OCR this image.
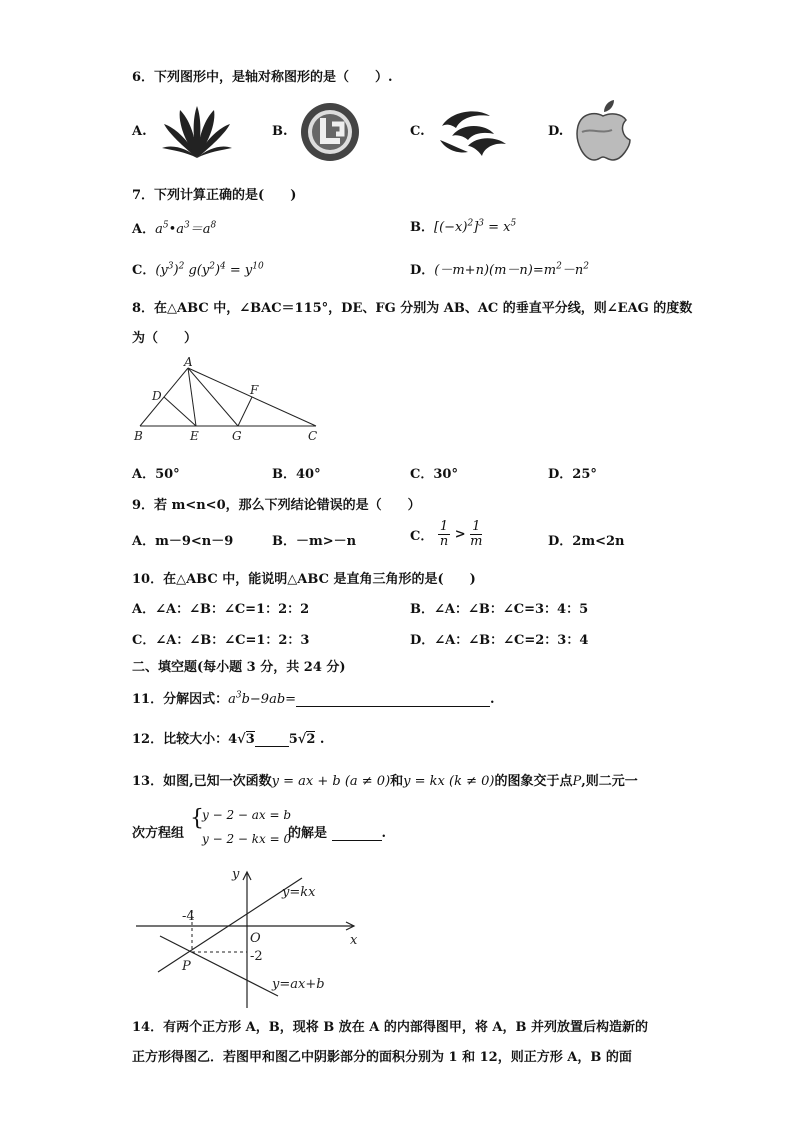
6．下列图形中，是轴对称图形的是（　　）.
A.	B.	C.	D.
7．下列计算正确的是(　　)
A．$a^5•a^3=a^8$	B．$[(-x)^2]^3 = x^5$
C．$(y^3)^2$ $g(y^2)^4 = y^{10}$	D．$(-m+n)(m-n)=m^2-n^2$
8．在△ABC 中，∠BAC＝115°，DE、FG 分别为 AB、AC 的垂直平分线，则∠EAG 的度数
为（　　）
A
D	F
B	E	G	C
A．50°	B．40°	C．30°	D．25°
9．若 m<n<0，那么下列结论错误的是（　　）
A．m－9<n－9	B．－m>－n	C． $\frac{1}{n} > \frac{1}{m}$	D．2m<2n
10．在△ABC 中，能说明△ABC 是直角三角形的是(　　)
A．∠A：∠B：∠C=1：2：2	B．∠A：∠B：∠C=3：4：5
C．∠A：∠B：∠C=1：2：3	D．∠A：∠B：∠C=2：3：4
二、填空题(每小题 3 分，共 24 分)
11．分解因式：$a^3b-9ab=$	.
12．比较大小：4√3	5√2 .
13．如图,已知一次函数y = ax + b (a ≠ 0)和y = kx (k ≠ 0)的图象交于点P,则二元一
次方程组
{
y − 2 − ax = b
y − 2 − kx = 0
的解是	.
y
x
O
-4
-2
P
y=kx
y=ax+b
14．有两个正方形 A，B，现将 B 放在 A 的内部得图甲，将 A，B 并列放置后构造新的
正方形得图乙．若图甲和图乙中阴影部分的面积分别为 1 和 12，则正方形 A，B 的面
